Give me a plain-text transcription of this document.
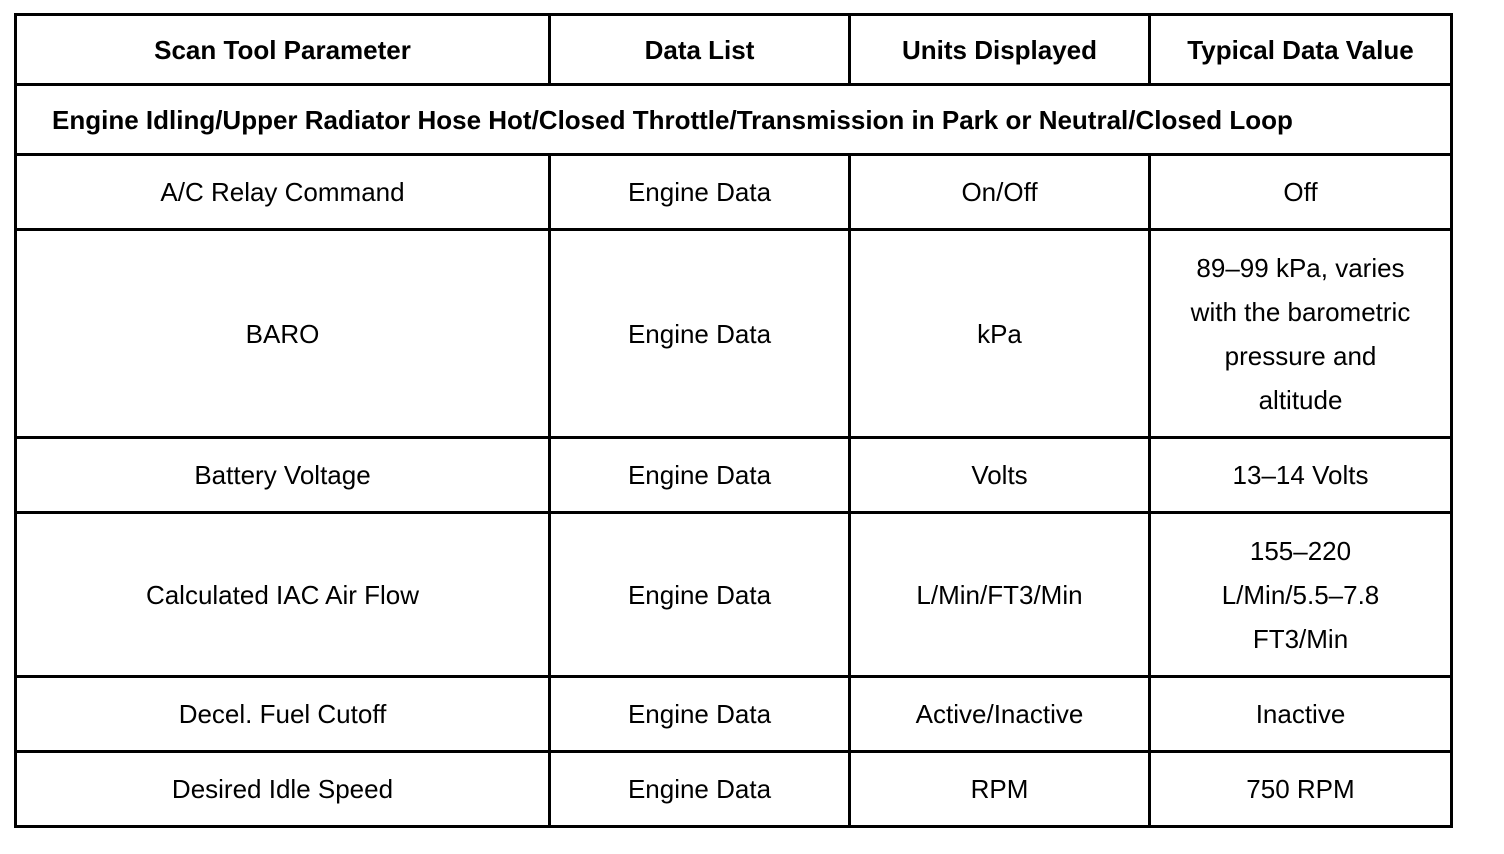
Scan Tool Parameter	Data List	Units Displayed	Typical Data Value
Engine Idling/Upper Radiator Hose Hot/Closed Throttle/Transmission in Park or Neutral/Closed Loop			
A/C Relay Command	Engine Data	On/Off	Off
BARO	Engine Data	kPa	89–99 kPa, varies
with the barometric
pressure and
altitude
Battery Voltage	Engine Data	Volts	13–14 Volts
Calculated IAC Air Flow	Engine Data	L/Min/FT3/Min	155–220
L/Min/5.5–7.8
FT3/Min
Decel. Fuel Cutoff	Engine Data	Active/Inactive	Inactive
Desired Idle Speed	Engine Data	RPM	750 RPM
